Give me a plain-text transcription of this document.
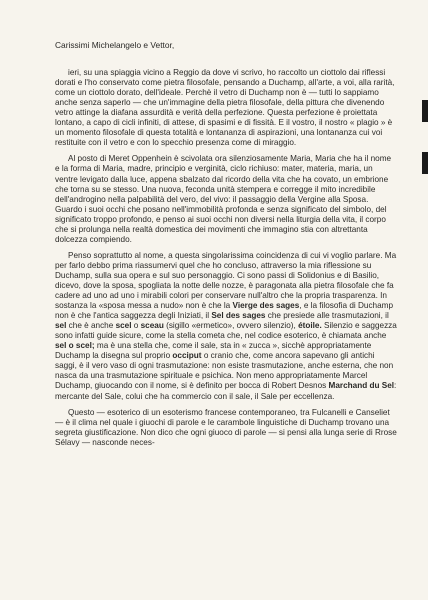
Carissimi Michelangelo e Vettor,

ieri, su una spiaggia vicino a Reggio da dove vi scrivo, ho raccolto un ciottolo dai riflessi dorati e l'ho conservato come pietra filosofale, pensando a Duchamp, all'arte, a voi, alla rarità, come un ciottolo dorato, dell'ideale. Perchè il vetro di Duchamp non è — tutti lo sappiamo anche senza saperlo — che un'immagine della pietra filosofale, della pittura che divenendo vetro attinge la diafana assurdità e verità della perfezione. Questa perfezione è proiettata lontano, a capo di cicli infiniti, di attese, di spasimi e di fissità. E il vostro, il nostro « plagio » è un momento filosofale di questa totalità e lontananza di aspirazioni, una lontananza cui voi restituite con il vetro e con lo specchio presenza come di miraggio.

Al posto di Meret Oppenhein è scivolata ora silenziosamente Maria, Maria che ha il nome e la forma di Maria, madre, principio e verginità, ciclo richiuso: mater, materia, maria, un ventre levigato dalla luce, appena sbalzato dal ricordo della vita che ha covato, un embrione che torna su se stesso. Una nuova, feconda unità stempera e corregge il mito incredibile dell'androgino nella palpabilità del vero, del vivo: il passaggio della Vergine alla Sposa. Guardo i suoi occhi che posano nell'immobilità profonda e senza significato del simbolo, del significato troppo profondo, e penso ai suoi occhi non diversi nella liturgia della vita, il corpo che si prolunga nella realtà domestica dei movimenti che immagino stia con altrettanta dolcezza compiendo.

Penso soprattutto al nome, a questa singolarissima coincidenza di cui vi voglio parlare. Ma per farlo debbo prima riassumervi quel che ho concluso, attraverso la mia riflessione su Duchamp, sulla sua opera e sul suo personaggio. Ci sono passi di Solidonius e di Basilio, dicevo, dove la sposa, spogliata la notte delle nozze, è paragonata alla pietra filosofale che fa cadere ad uno ad uno i mirabili colori per conservare null'altro che la propria trasparenza. In sostanza la «sposa messa a nudo» non è che la Vierge des sages, e la filosofia di Duchamp non è che l'antica saggezza degli Iniziati, il Sel des sages che presiede alle trasmutazioni, il sel che è anche scel o sceau (sigillo «ermetico», ovvero silenzio), étoile. Silenzio e saggezza sono infatti guide sicure, come la stella cometa che, nel codice esoterico, è chiamata anche sel o scel; ma è una stella che, come il sale, sta in « zucca », sicchè appropriatamente Duchamp la disegna sul proprio occiput o cranio che, come ancora sapevano gli antichi saggi, è il vero vaso di ogni trasmutazione: non esiste trasmutazione, anche esterna, che non nasca da una trasmutazione spirituale e psichica. Non meno appropriatamente Marcel Duchamp, giuocando con il nome, si è definito per bocca di Robert Desnos Marchand du Sel: mercante del Sale, colui che ha commercio con il sale, il Sale per eccellenza.

Questo — esoterico di un esoterismo francese contemporaneo, tra Fulcanelli e Canseliet — è il clima nel quale i giuochi di parole e le carambole linguistiche di Duchamp trovano una segreta giustificazione. Non dico che ogni giuoco di parole — si pensi alla lunga serie di Rrose Sélavy — nasconde neces-
